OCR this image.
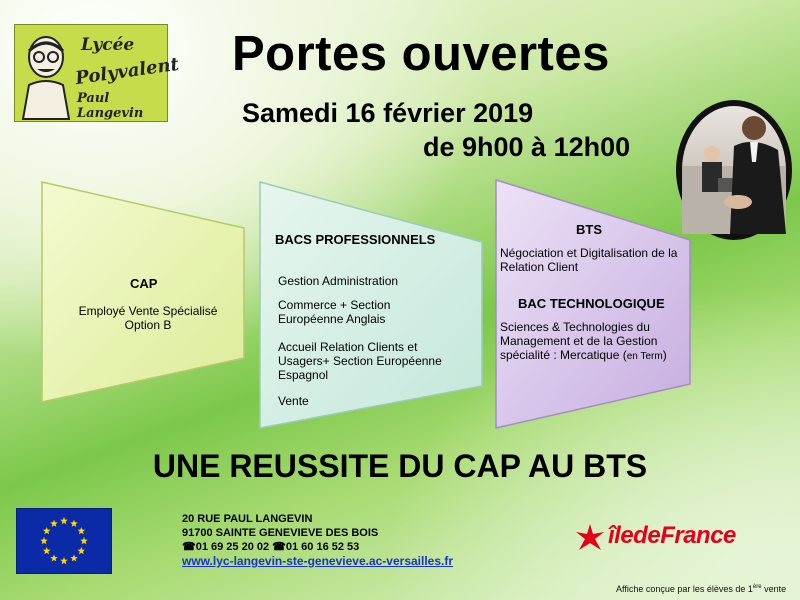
Lycée
Polyvalent
Paul Langevin
Portes ouvertes
Samedi 16 février 2019
de 9h00 à 12h00
CAP
Employé Vente Spécialisé
Option B
BACS PROFESSIONNELS
Gestion Administration
Commerce + Section
Européenne Anglais
Accueil Relation Clients et
Usagers+ Section Européenne
Espagnol
Vente
BTS
Négociation et Digitalisation de la
Relation Client
BAC TECHNOLOGIQUE
Sciences & Technologies du
Management et de la Gestion
spécialité : Mercatique (en Term)
UNE REUSSITE DU CAP AU BTS
20 RUE PAUL LANGEVIN
91700 SAINTE GENEVIEVE DES BOIS
☎01 69 25 20 02 ☎01 60 16 52 53
www.lyc-langevin-ste-genevieve.ac-versailles.fr
îledeFrance
Affiche conçue par les élèves de 1ère vente
